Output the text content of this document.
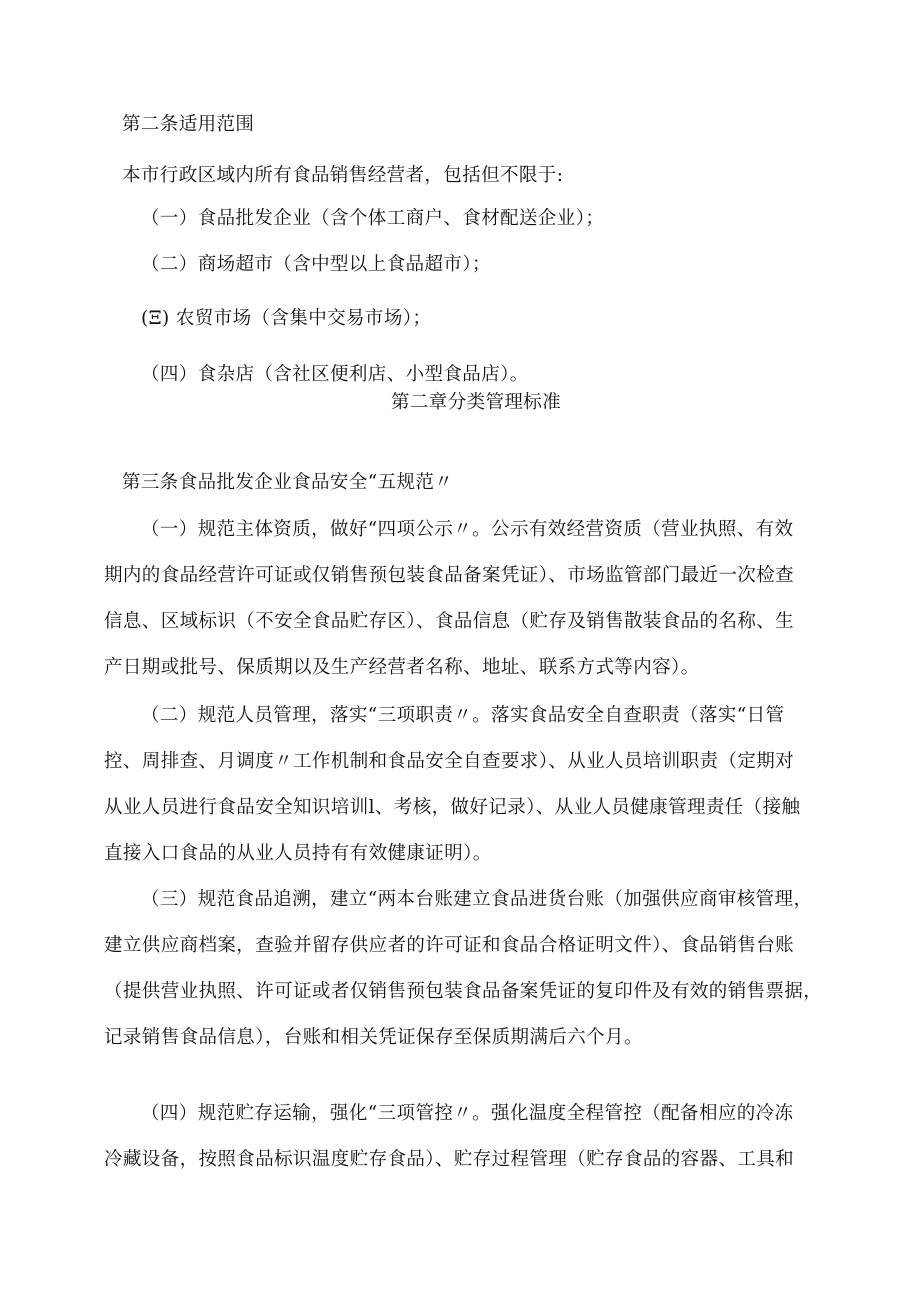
第二条适用范围
本市行政区域内所有食品销售经营者，包括但不限于:
（一）食品批发企业（含个体工商户、食材配送企业）；
（二）商场超市（含中型以上食品超市）；
(Ξ) 农贸市场（含集中交易市场）；
（四）食杂店（含社区便利店、小型食品店）。
第二章分类管理标准
第三条食品批发企业食品安全“五规范〃
（一）规范主体资质，做好“四项公示〃。公示有效经营资质（营业执照、有效
期内的食品经营许可证或仅销售预包装食品备案凭证）、市场监管部门最近一次检查
信息、区域标识（不安全食品贮存区）、食品信息（贮存及销售散装食品的名称、生
产日期或批号、保质期以及生产经营者名称、地址、联系方式等内容）。
（二）规范人员管理，落实“三项职责〃。落实食品安全自查职责（落实“日管
控、周排查、月调度〃工作机制和食品安全自查要求）、从业人员培训职责（定期对
从业人员进行食品安全知识培训l、考核，做好记录）、从业人员健康管理责任（接触
直接入口食品的从业人员持有有效健康证明）。
（三）规范食品追溯，建立“两本台账建立食品进货台账（加强供应商审核管理，
建立供应商档案，查验并留存供应者的许可证和食品合格证明文件）、食品销售台账
（提供营业执照、许可证或者仅销售预包装食品备案凭证的复印件及有效的销售票据，
记录销售食品信息），台账和相关凭证保存至保质期满后六个月。
（四）规范贮存运输，强化“三项管控〃。强化温度全程管控（配备相应的冷冻
冷藏设备，按照食品标识温度贮存食品）、贮存过程管理（贮存食品的容器、工具和
